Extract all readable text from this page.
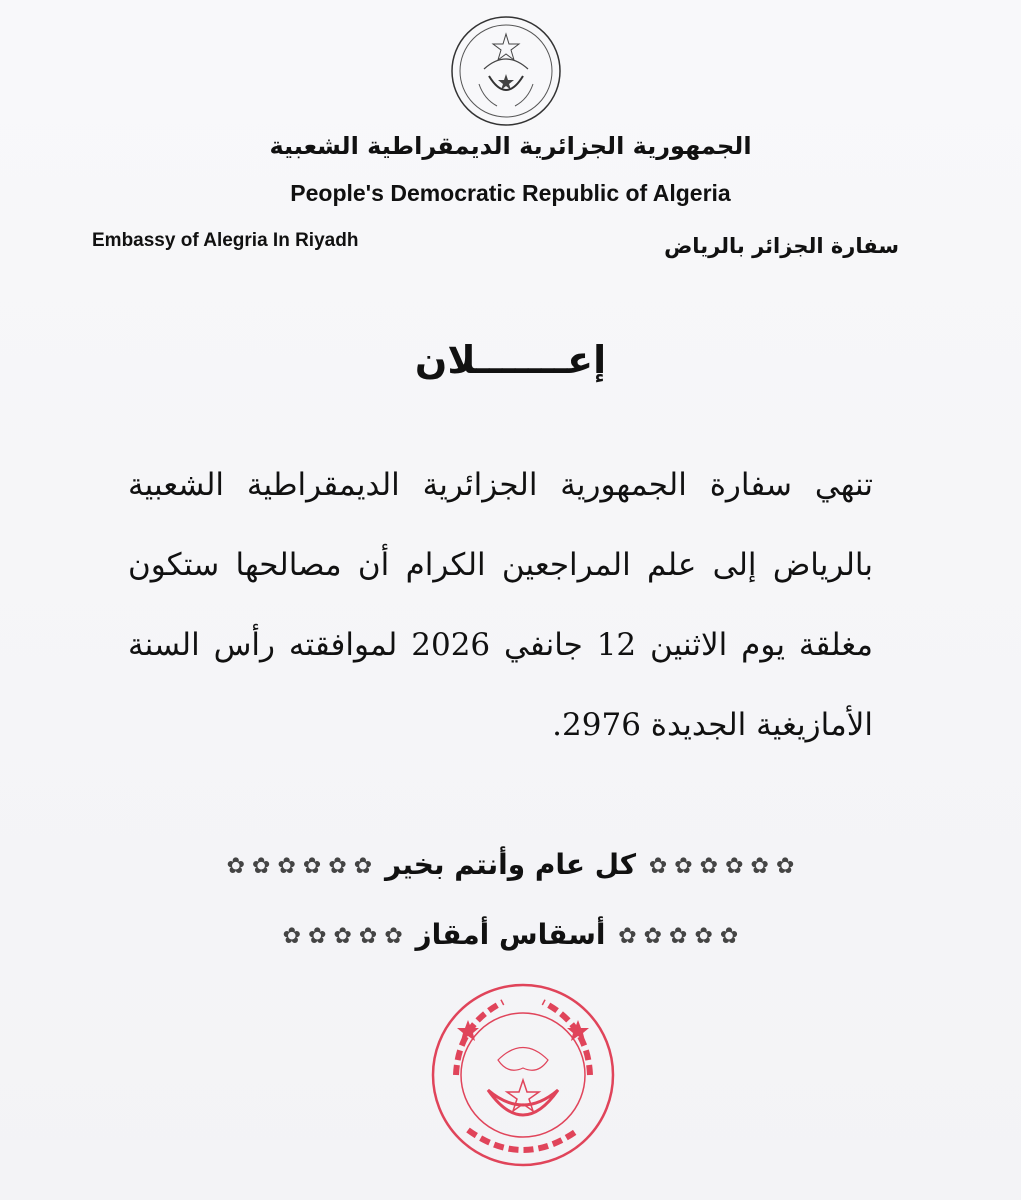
الجمهورية الجزائرية الديمقراطية الشعبية
People's Democratic Republic of Algeria
Embassy of Alegria In Riyadh	سفارة الجزائر بالرياض
إعـــــــلان
تنهي سفارة الجمهورية الجزائرية الديمقراطية الشعبية بالرياض إلى علم المراجعين الكرام أن مصالحها ستكون مغلقة يوم الاثنين 12 جانفي 2026 لموافقته رأس السنة الأمازيغية الجديدة 2976.
✿ ✿ ✿ ✿ ✿ ✿ كل عام وأنتم بخير ✿ ✿ ✿ ✿ ✿ ✿
✿ ✿ ✿ ✿ ✿ أسقاس أمقاز ✿ ✿ ✿ ✿ ✿
